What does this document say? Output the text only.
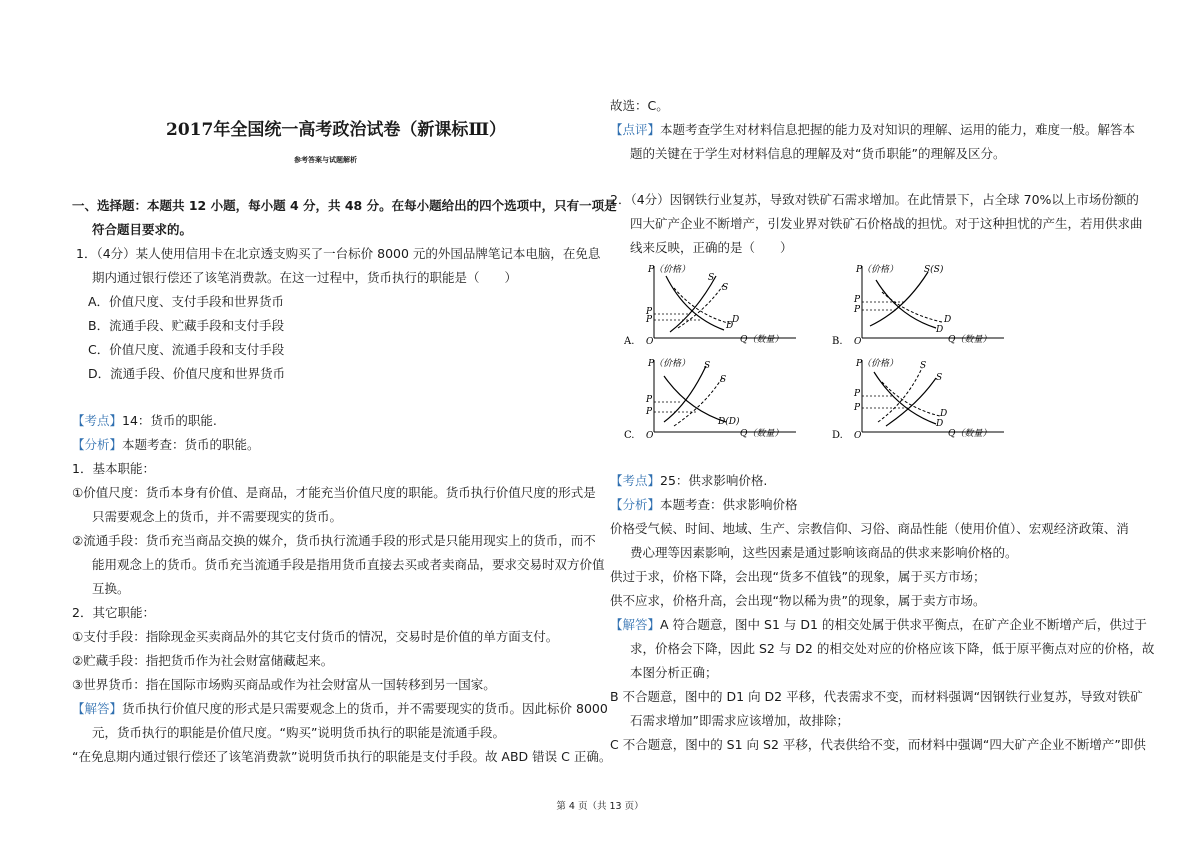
2017年全国统一高考政治试卷（新课标Ⅲ）
参考答案与试题解析
一、选择题：本题共 12 小题，每小题 4 分，共 48 分。在每小题给出的四个选项中，只有一项是
符合题目要求的。
1．（4分）某人使用信用卡在北京透支购买了一台标价 8000 元的外国品牌笔记本电脑，在免息
期内通过银行偿还了该笔消费款。在这一过程中，货币执行的职能是（　　）
A．价值尺度、支付手段和世界货币
B．流通手段、贮藏手段和支付手段
C．价值尺度、流通手段和支付手段
D．流通手段、价值尺度和世界货币
【考点】14：货币的职能.
【分析】本题考查：货币的职能。
1．基本职能：
①价值尺度：货币本身有价值、是商品，才能充当价值尺度的职能。货币执行价值尺度的形式是
只需要观念上的货币，并不需要现实的货币。
②流通手段：货币充当商品交换的媒介，货币执行流通手段的形式是只能用现实上的货币，而不
能用观念上的货币。货币充当流通手段是指用货币直接去买或者卖商品，要求交易时双方价值
互换。
2．其它职能：
①支付手段：指除现金买卖商品外的其它支付货币的情况，交易时是价值的单方面支付。
②贮藏手段：指把货币作为社会财富储藏起来。
③世界货币：指在国际市场购买商品或作为社会财富从一国转移到另一国家。
【解答】货币执行价值尺度的形式是只需要观念上的货币，并不需要现实的货币。因此标价 8000
元，货币执行的职能是价值尺度。“购买”说明货币执行的职能是流通手段。
“在免息期内通过银行偿还了该笔消费款”说明货币执行的职能是支付手段。故 ABD 错误 C 正确。
故选：C。
【点评】本题考查学生对材料信息把握的能力及对知识的理解、运用的能力，难度一般。解答本
题的关键在于学生对材料信息的理解及对“货币职能”的理解及区分。
2．（4分）因钢铁行业复苏，导致对铁矿石需求增加。在此情景下，占全球 70%以上市场份额的
四大矿产企业不断增产，引发业界对铁矿石价格战的担忧。对于这种担忧的产生，若用供求曲
线来反映，正确的是（　　）
A.
P（价格）
Q（数量）
O
S
S
D
D
P
P
B.
P（价格）
Q（数量）
O
S(S)
D
D
P
P
C.
P（价格）
Q（数量）
O
S
S
D(D)
P
P
D.
P（价格）
Q（数量）
O
S
S
D
D
P
P
【考点】25：供求影响价格.
【分析】本题考查：供求影响价格
价格受气候、时间、地域、生产、宗教信仰、习俗、商品性能（使用价值）、宏观经济政策、消
费心理等因素影响，这些因素是通过影响该商品的供求来影响价格的。
供过于求，价格下降，会出现“货多不值钱”的现象，属于买方市场；
供不应求，价格升高，会出现“物以稀为贵”的现象，属于卖方市场。
【解答】A 符合题意，图中 S1 与 D1 的相交处属于供求平衡点，在矿产企业不断增产后，供过于
求，价格会下降，因此 S2 与 D2 的相交处对应的价格应该下降，低于原平衡点对应的价格，故
本图分析正确；
B 不合题意，图中的 D1 向 D2 平移，代表需求不变，而材料强调“因钢铁行业复苏，导致对铁矿
石需求增加”即需求应该增加，故排除；
C 不合题意，图中的 S1 向 S2 平移，代表供给不变，而材料中强调“四大矿产企业不断增产”即供
第 4 页（共 13 页）
